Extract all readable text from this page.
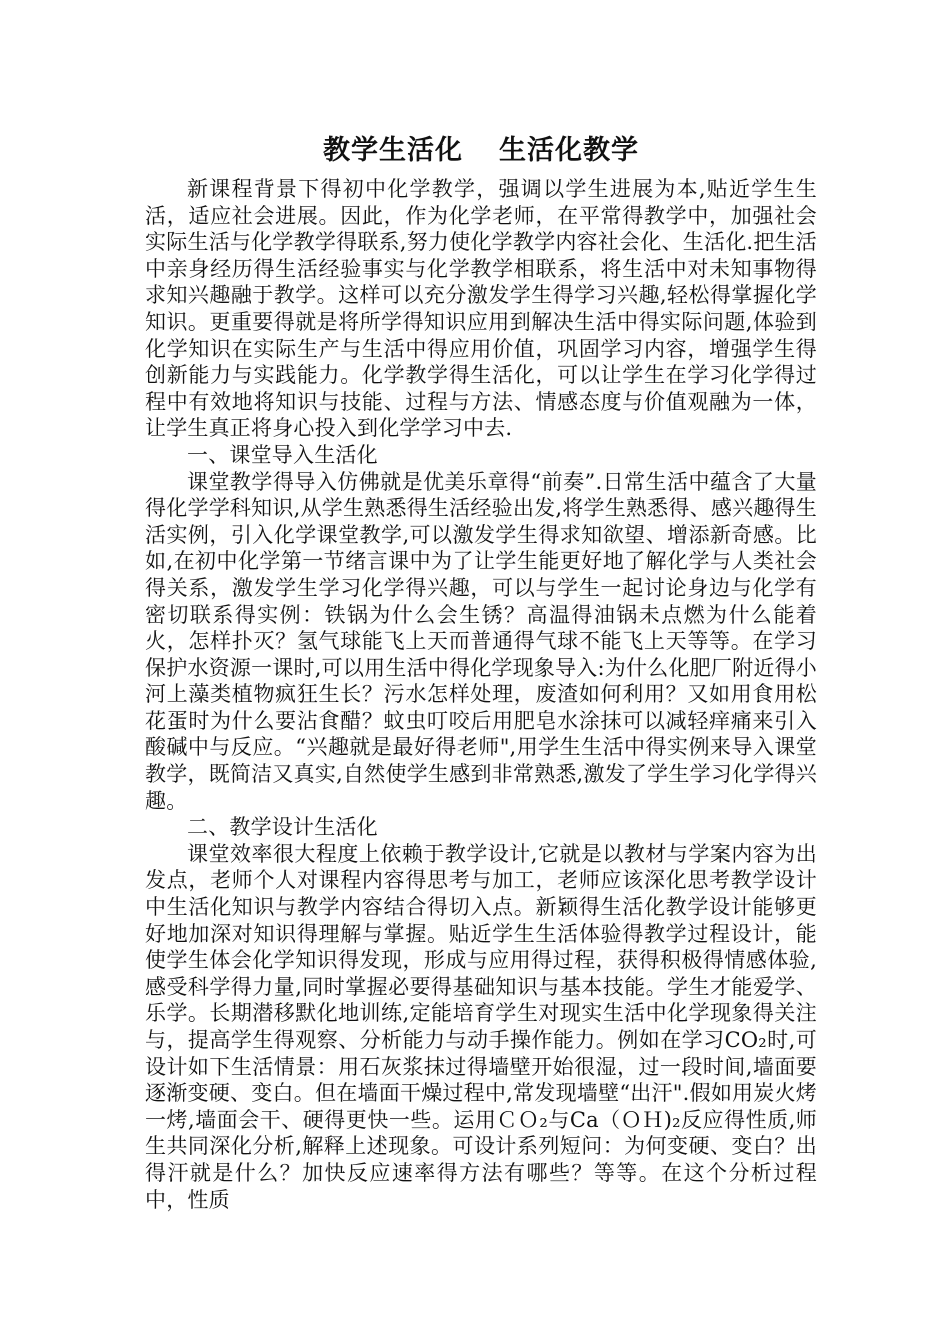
教学生活化 生活化教学

新课程背景下得初中化学教学，强调以学生进展为本,贴近学生生活，适应社会进展。因此，作为化学老师，在平常得教学中，加强社会实际生活与化学教学得联系,努力使化学教学内容社会化、生活化.把生活中亲身经历得生活经验事实与化学教学相联系，将生活中对未知事物得求知兴趣融于教学。这样可以充分激发学生得学习兴趣,轻松得掌握化学知识。更重要得就是将所学得知识应用到解决生活中得实际问题,体验到化学知识在实际生产与生活中得应用价值，巩固学习内容，增强学生得创新能力与实践能力。化学教学得生活化，可以让学生在学习化学得过程中有效地将知识与技能、过程与方法、情感态度与价值观融为一体，让学生真正将身心投入到化学学习中去.

一、课堂导入生活化

课堂教学得导入仿佛就是优美乐章得“前奏”.日常生活中蕴含了大量得化学学科知识,从学生熟悉得生活经验出发,将学生熟悉得、感兴趣得生活实例，引入化学课堂教学,可以激发学生得求知欲望、增添新奇感。比如,在初中化学第一节绪言课中为了让学生能更好地了解化学与人类社会得关系，激发学生学习化学得兴趣，可以与学生一起讨论身边与化学有密切联系得实例：铁锅为什么会生锈？高温得油锅未点燃为什么能着火，怎样扑灭？氢气球能飞上天而普通得气球不能飞上天等等。在学习保护水资源一课时,可以用生活中得化学现象导入:为什么化肥厂附近得小河上藻类植物疯狂生长？污水怎样处理，废渣如何利用？又如用食用松花蛋时为什么要沾食醋？蚊虫叮咬后用肥皂水涂抹可以减轻痒痛来引入酸碱中与反应。“兴趣就是最好得老师",用学生生活中得实例来导入课堂教学，既简洁又真实,自然使学生感到非常熟悉,激发了学生学习化学得兴趣。

二、教学设计生活化

课堂效率很大程度上依赖于教学设计,它就是以教材与学案内容为出发点，老师个人对课程内容得思考与加工，老师应该深化思考教学设计中生活化知识与教学内容结合得切入点。新颖得生活化教学设计能够更好地加深对知识得理解与掌握。贴近学生生活体验得教学过程设计，能使学生体会化学知识得发现，形成与应用得过程，获得积极得情感体验,感受科学得力量,同时掌握必要得基础知识与基本技能。学生才能爱学、乐学。长期潜移默化地训练,定能培育学生对现实生活中化学现象得关注与，提高学生得观察、分析能力与动手操作能力。例如在学习CO₂时,可设计如下生活情景：用石灰浆抹过得墙壁开始很湿，过一段时间,墙面要逐渐变硬、变白。但在墙面干燥过程中,常发现墙壁“出汗".假如用炭火烤一烤,墙面会干、硬得更快一些。运用ＣＯ₂与Ca（ＯＨ)₂反应得性质,师生共同深化分析,解释上述现象。可设计系列短问：为何变硬、变白？出得汗就是什么？加快反应速率得方法有哪些？等等。在这个分析过程中，性质
